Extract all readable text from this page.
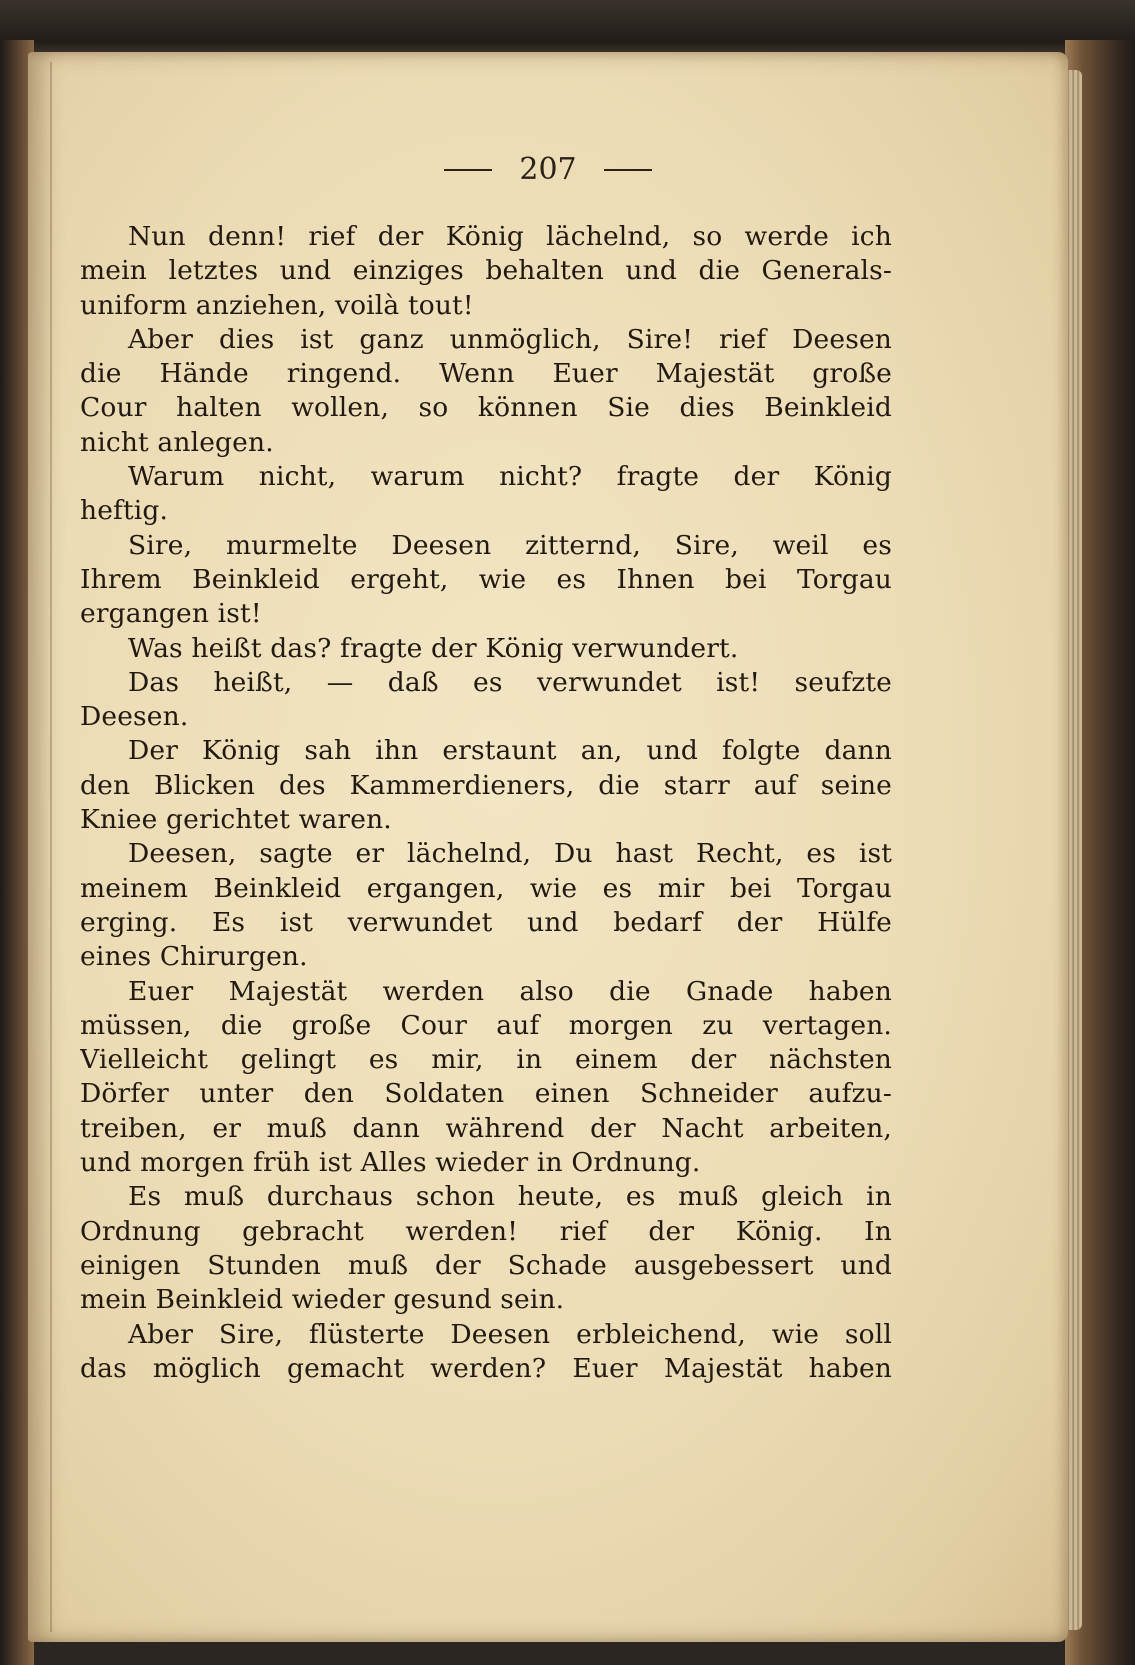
207
Nun denn! rief der König lächelnd, so werde ich
mein letztes und einziges behalten und die Generals-
uniform anziehen, voilà tout!
Aber dies ist ganz unmöglich, Sire! rief Deesen
die Hände ringend. Wenn Euer Majestät große
Cour halten wollen, so können Sie dies Beinkleid
nicht anlegen.
Warum nicht, warum nicht? fragte der König
heftig.
Sire, murmelte Deesen zitternd, Sire, weil es
Ihrem Beinkleid ergeht, wie es Ihnen bei Torgau
ergangen ist!
Was heißt das? fragte der König verwundert.
Das heißt, — daß es verwundet ist! seufzte
Deesen.
Der König sah ihn erstaunt an, und folgte dann
den Blicken des Kammerdieners, die starr auf seine
Kniee gerichtet waren.
Deesen, sagte er lächelnd, Du hast Recht, es ist
meinem Beinkleid ergangen, wie es mir bei Torgau
erging. Es ist verwundet und bedarf der Hülfe
eines Chirurgen.
Euer Majestät werden also die Gnade haben
müssen, die große Cour auf morgen zu vertagen.
Vielleicht gelingt es mir, in einem der nächsten
Dörfer unter den Soldaten einen Schneider aufzu-
treiben, er muß dann während der Nacht arbeiten,
und morgen früh ist Alles wieder in Ordnung.
Es muß durchaus schon heute, es muß gleich in
Ordnung gebracht werden! rief der König. In
einigen Stunden muß der Schade ausgebessert und
mein Beinkleid wieder gesund sein.
Aber Sire, flüsterte Deesen erbleichend, wie soll
das möglich gemacht werden? Euer Majestät haben
